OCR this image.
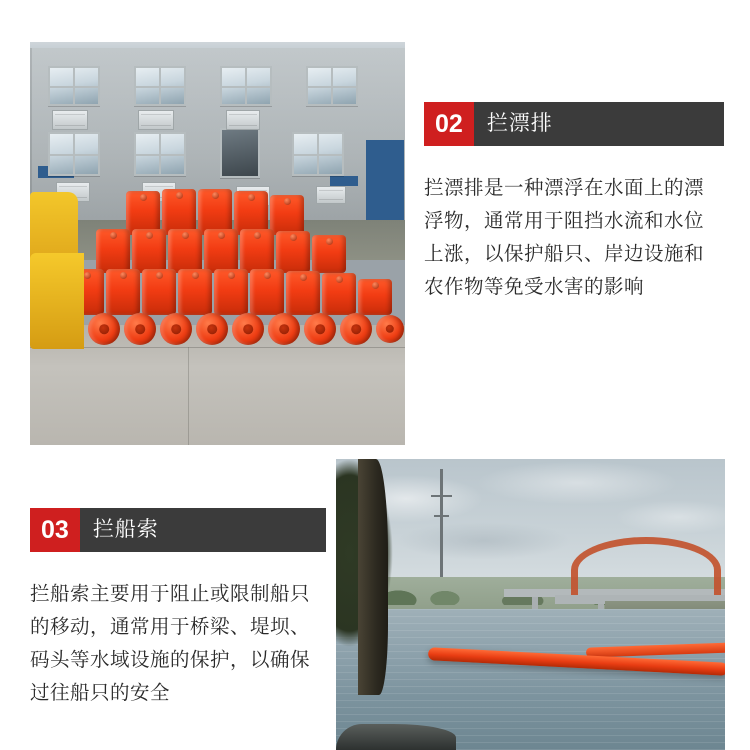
02	拦漂排
拦漂排是一种漂浮在水面上的漂浮物，通常用于阻挡水流和水位上涨，以保护船只、岸边设施和农作物等免受水害的影响
03	拦船索
拦船索主要用于阻止或限制船只的移动，通常用于桥梁、堤坝、码头等水域设施的保护，以确保过往船只的安全
